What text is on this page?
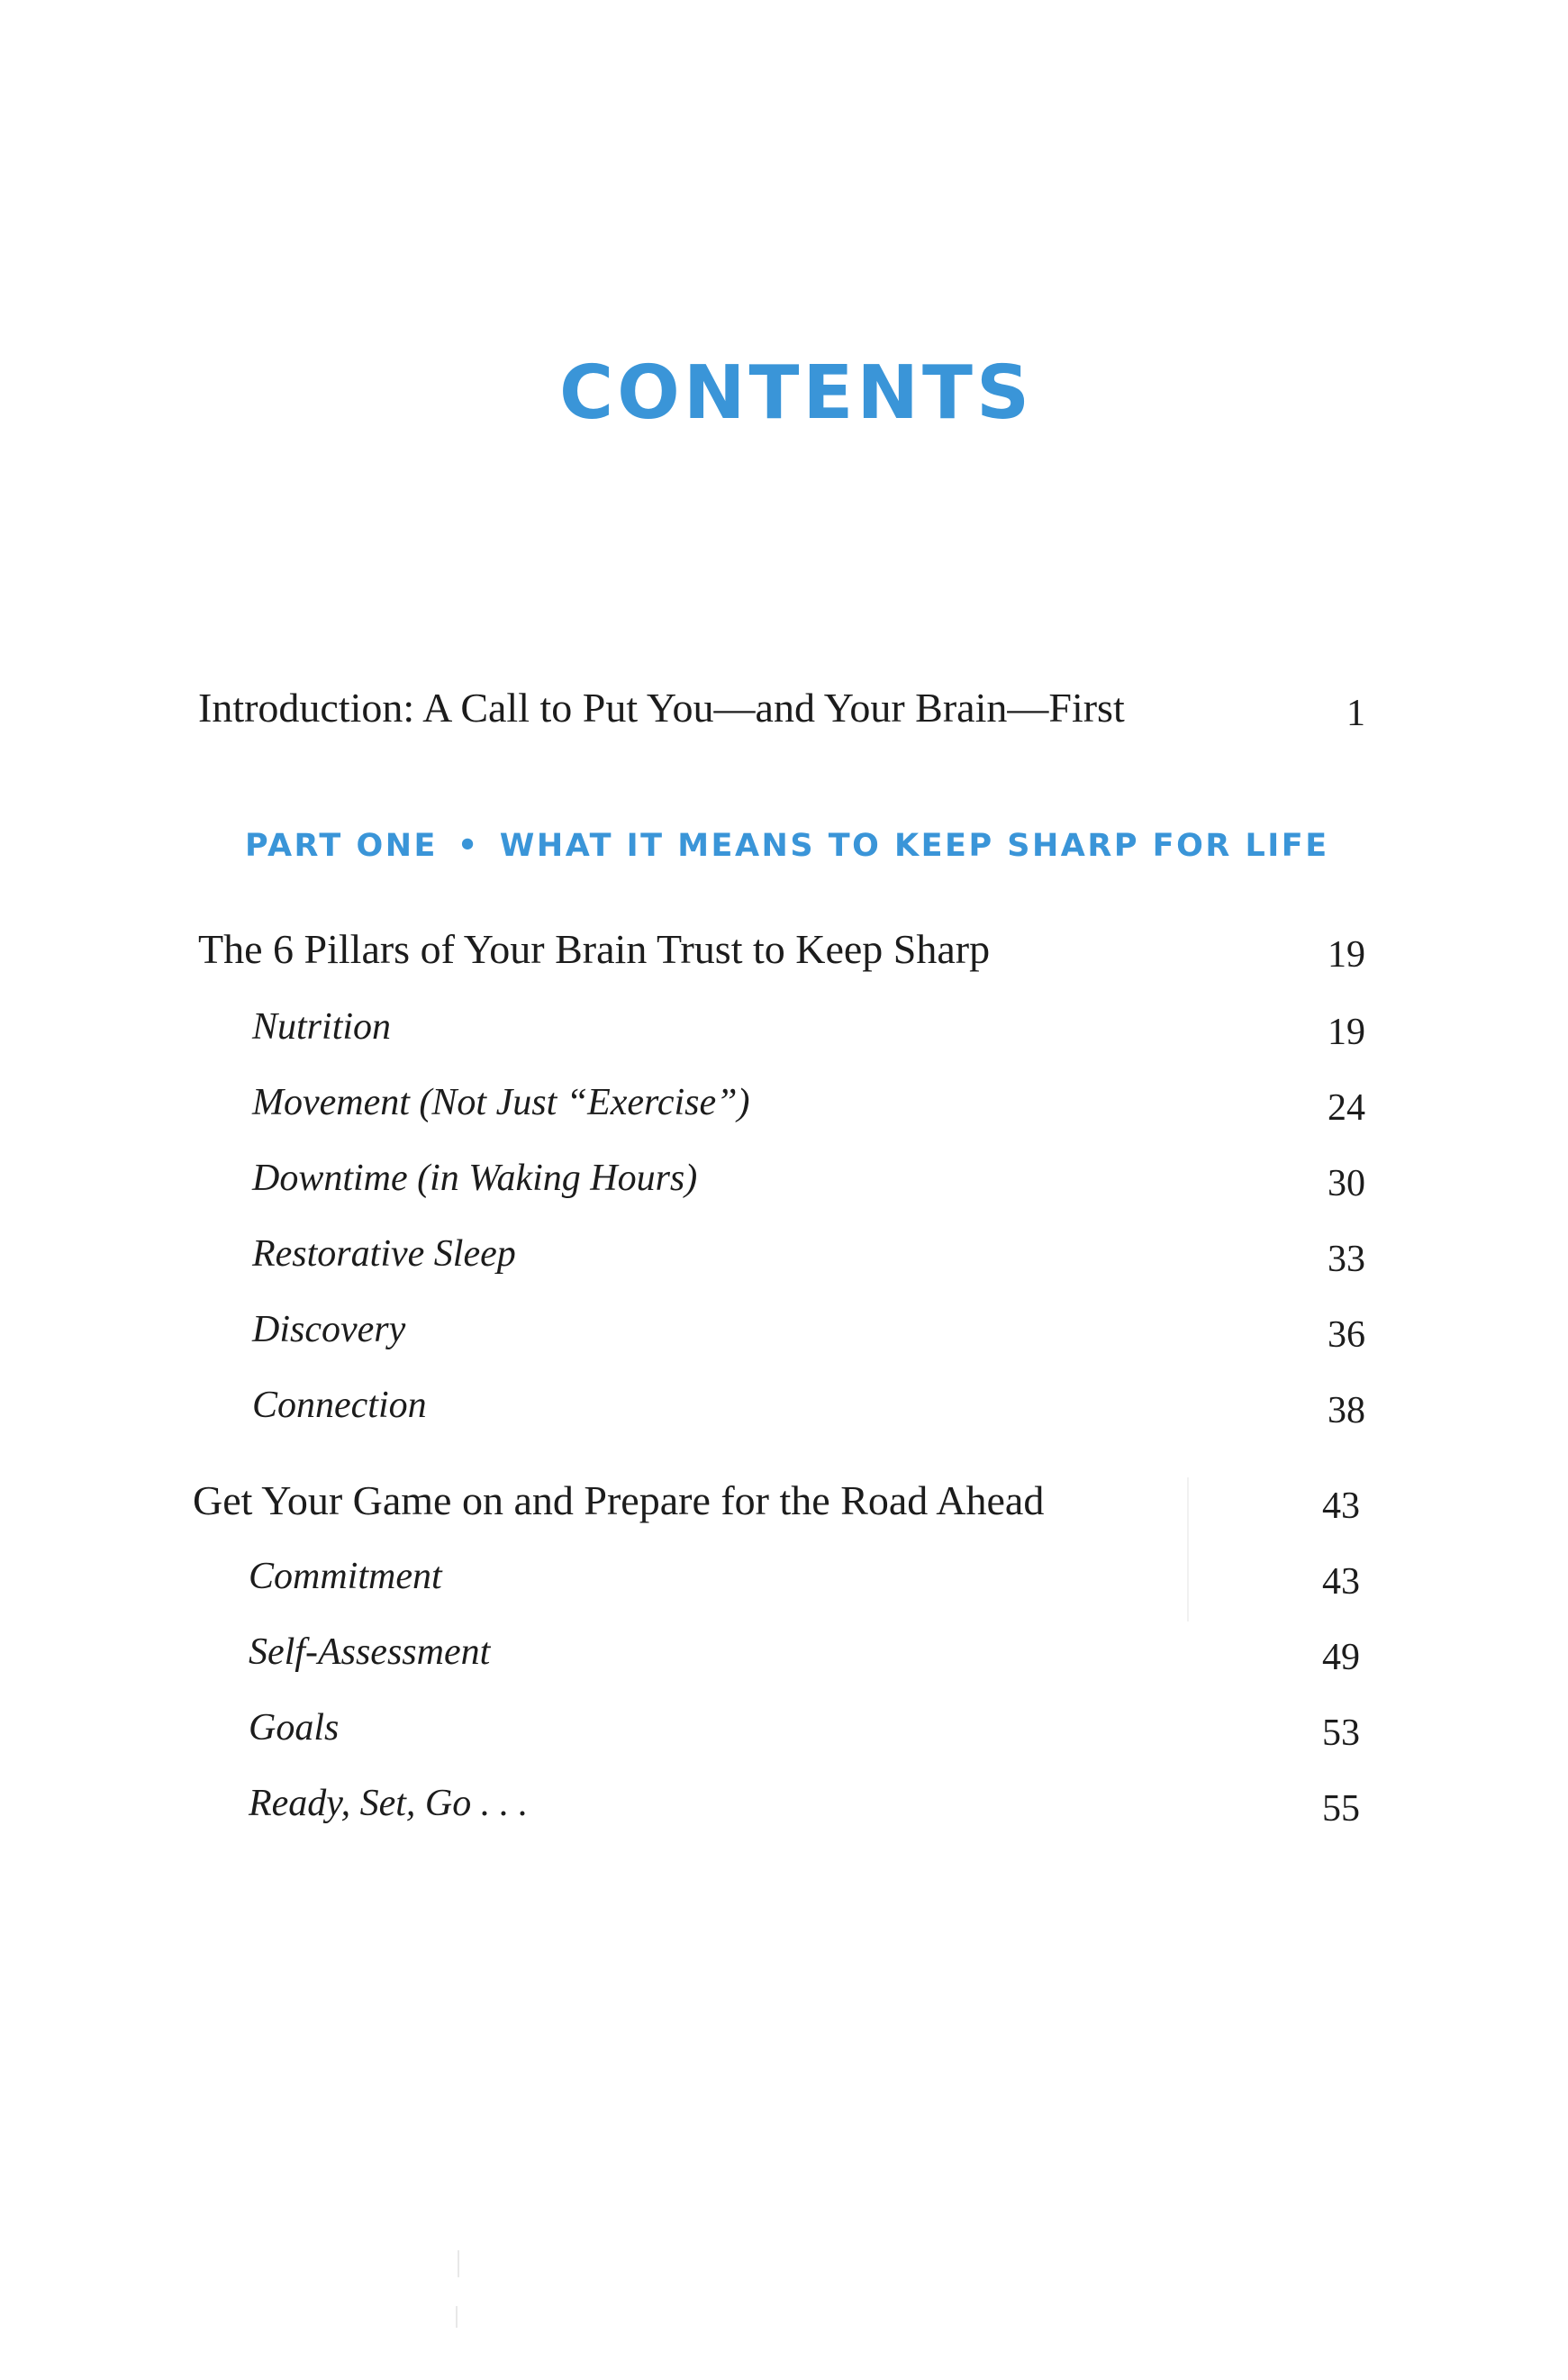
CONTENTS
Introduction: A Call to Put You—and Your Brain—First	1
PART ONE • WHAT IT MEANS TO KEEP SHARP FOR LIFE
The 6 Pillars of Your Brain Trust to Keep Sharp	19
Nutrition	19
Movement (Not Just “Exercise”)	24
Downtime (in Waking Hours)	30
Restorative Sleep	33
Discovery	36
Connection	38
Get Your Game on and Prepare for the Road Ahead	43
Commitment	43
Self-Assessment	49
Goals	53
Ready, Set, Go . . .	55
